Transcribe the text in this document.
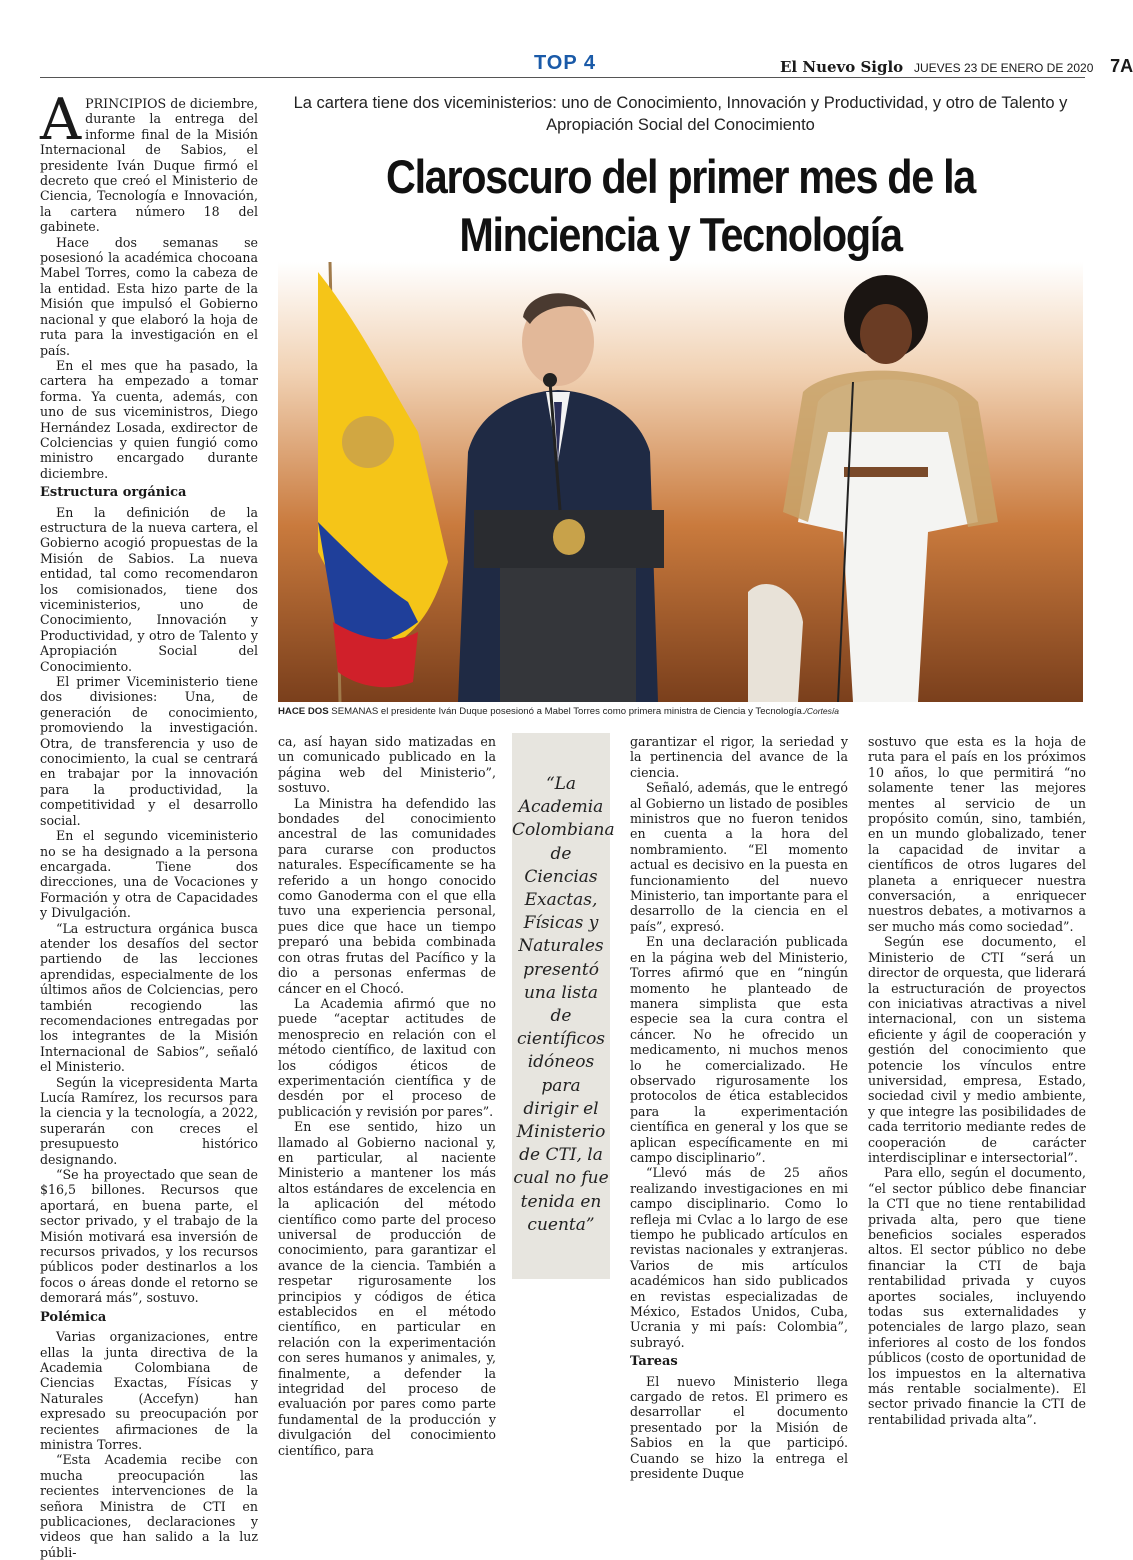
TOP 4	El Nuevo Siglo JUEVES 23 DE ENERO DE 2020 7A
La cartera tiene dos viceministerios: uno de Conocimiento, Innovación y Productividad, y otro de Talento y Apropiación Social del Conocimiento
Claroscuro del primer mes de la Minciencia y Tecnología
HACE DOS SEMANAS el presidente Iván Duque posesionó a Mabel Torres como primera ministra de Ciencia y Tecnología./Cortesía

APRINCIPIOS de diciembre, durante la entrega del informe final de la Misión Internacional de Sabios, el presidente Iván Duque firmó el decreto que creó el Ministerio de Ciencia, Tecnología e Innovación, la cartera número 18 del gabinete.

Hace dos semanas se posesionó la académica chocoana Mabel Torres, como la cabeza de la entidad. Esta hizo parte de la Misión que impulsó el Gobierno nacional y que elaboró la hoja de ruta para la investigación en el país.

En el mes que ha pasado, la cartera ha empezado a tomar forma. Ya cuenta, además, con uno de sus viceministros, Diego Hernández Losada, exdirector de Colciencias y quien fungió como ministro encargado durante diciembre.

Estructura orgánica

En la definición de la estructura de la nueva cartera, el Gobierno acogió propuestas de la Misión de Sabios. La nueva entidad, tal como recomendaron los comisionados, tiene dos viceministerios, uno de Conocimiento, Innovación y Productividad, y otro de Talento y Apropiación Social del Conocimiento.

El primer Viceministerio tiene dos divisiones: Una, de generación de conocimiento, promoviendo la investigación. Otra, de transferencia y uso de conocimiento, la cual se centrará en trabajar por la innovación para la productividad, la competitividad y el desarrollo social.

En el segundo viceministerio no se ha designado a la persona encargada. Tiene dos direcciones, una de Vocaciones y Formación y otra de Capacidades y Divulgación.

“La estructura orgánica busca atender los desafíos del sector partiendo de las lecciones aprendidas, especialmente de los últimos años de Colciencias, pero también recogiendo las recomendaciones entregadas por los integrantes de la Misión Internacional de Sabios”, señaló el Ministerio.

Según la vicepresidenta Marta Lucía Ramírez, los recursos para la ciencia y la tecnología, a 2022, superarán con creces el presupuesto histórico designando.

“Se ha proyectado que sean de $16,5 billones. Recursos que aportará, en buena parte, el sector privado, y el trabajo de la Misión motivará esa inversión de recursos privados, y los recursos públicos poder destinarlos a los focos o áreas donde el retorno se demorará más”, sostuvo.

Polémica

Varias organizaciones, entre ellas la junta directiva de la Academia Colombiana de Ciencias Exactas, Físicas y Naturales (Accefyn) han expresado su preocupación por recientes afirmaciones de la ministra Torres.

“Esta Academia recibe con mucha preocupación las recientes intervenciones de la señora Ministra de CTI en publicaciones, declaraciones y videos que han salido a la luz públi-

ca, así hayan sido matizadas en un comunicado publicado en la página web del Ministerio”, sostuvo.

La Ministra ha defendido las bondades del conocimiento ancestral de las comunidades para curarse con productos naturales. Específicamente se ha referido a un hongo conocido como Ganoderma con el que ella tuvo una experiencia personal, pues dice que hace un tiempo preparó una bebida combinada con otras frutas del Pacífico y la dio a personas enfermas de cáncer en el Chocó.

La Academia afirmó que no puede “aceptar actitudes de menosprecio en relación con el método científico, de laxitud con los códigos éticos de experimentación científica y de desdén por el proceso de publicación y revisión por pares”.

En ese sentido, hizo un llamado al Gobierno nacional y, en particular, al naciente Ministerio a mantener los más altos estándares de excelencia en la aplicación del método científico como parte del proceso universal de producción de conocimiento, para garantizar el avance de la ciencia. También a respetar rigurosamente los principios y códigos de ética establecidos en el método científico, en particular en relación con la experimentación con seres humanos y animales, y, finalmente, a defender la integridad del proceso de evaluación por pares como parte fundamental de la producción y divulgación del conocimiento científico, para

“La Academia Colombiana de Ciencias Exactas, Físicas y Naturales presentó una lista de científicos idóneos para dirigir el Ministerio de CTI, la cual no fue tenida en cuenta”

garantizar el rigor, la seriedad y la pertinencia del avance de la ciencia.

Señaló, además, que le entregó al Gobierno un listado de posibles ministros que no fueron tenidos en cuenta a la hora del nombramiento. “El momento actual es decisivo en la puesta en funcionamiento del nuevo Ministerio, tan importante para el desarrollo de la ciencia en el país”, expresó.

En una declaración publicada en la página web del Ministerio, Torres afirmó que en “ningún momento he planteado de manera simplista que esta especie sea la cura contra el cáncer. No he ofrecido un medicamento, ni muchos menos lo he comercializado. He observado rigurosamente los protocolos de ética establecidos para la experimentación científica en general y los que se aplican específicamente en mi campo disciplinario”.

“Llevó más de 25 años realizando investigaciones en mi campo disciplinario. Como lo refleja mi Cvlac a lo largo de ese tiempo he publicado artículos en revistas nacionales y extranjeras. Varios de mis artículos académicos han sido publicados en revistas especializadas de México, Estados Unidos, Cuba, Ucrania y mi país: Colombia”, subrayó.

Tareas

El nuevo Ministerio llega cargado de retos. El primero es desarrollar el documento presentado por la Misión de Sabios en la que participó. Cuando se hizo la entrega el presidente Duque

sostuvo que esta es la hoja de ruta para el país en los próximos 10 años, lo que permitirá “no solamente tener las mejores mentes al servicio de un propósito común, sino, también, en un mundo globalizado, tener la capacidad de invitar a científicos de otros lugares del planeta a enriquecer nuestra conversación, a enriquecer nuestros debates, a motivarnos a ser mucho más como sociedad”.

Según ese documento, el Ministerio de CTI “será un director de orquesta, que liderará la estructuración de proyectos con iniciativas atractivas a nivel internacional, con un sistema eficiente y ágil de cooperación y gestión del conocimiento que potencie los vínculos entre universidad, empresa, Estado, sociedad civil y medio ambiente, y que integre las posibilidades de cada territorio mediante redes de cooperación de carácter interdisciplinar e intersectorial”.

Para ello, según el documento, “el sector público debe financiar la CTI que no tiene rentabilidad privada alta, pero que tiene beneficios sociales esperados altos. El sector público no debe financiar la CTI de baja rentabilidad privada y cuyos aportes sociales, incluyendo todas sus externalidades y potenciales de largo plazo, sean inferiores al costo de los fondos públicos (costo de oportunidad de los impuestos en la alternativa más rentable socialmente). El sector privado financie la CTI de rentabilidad privada alta”.
